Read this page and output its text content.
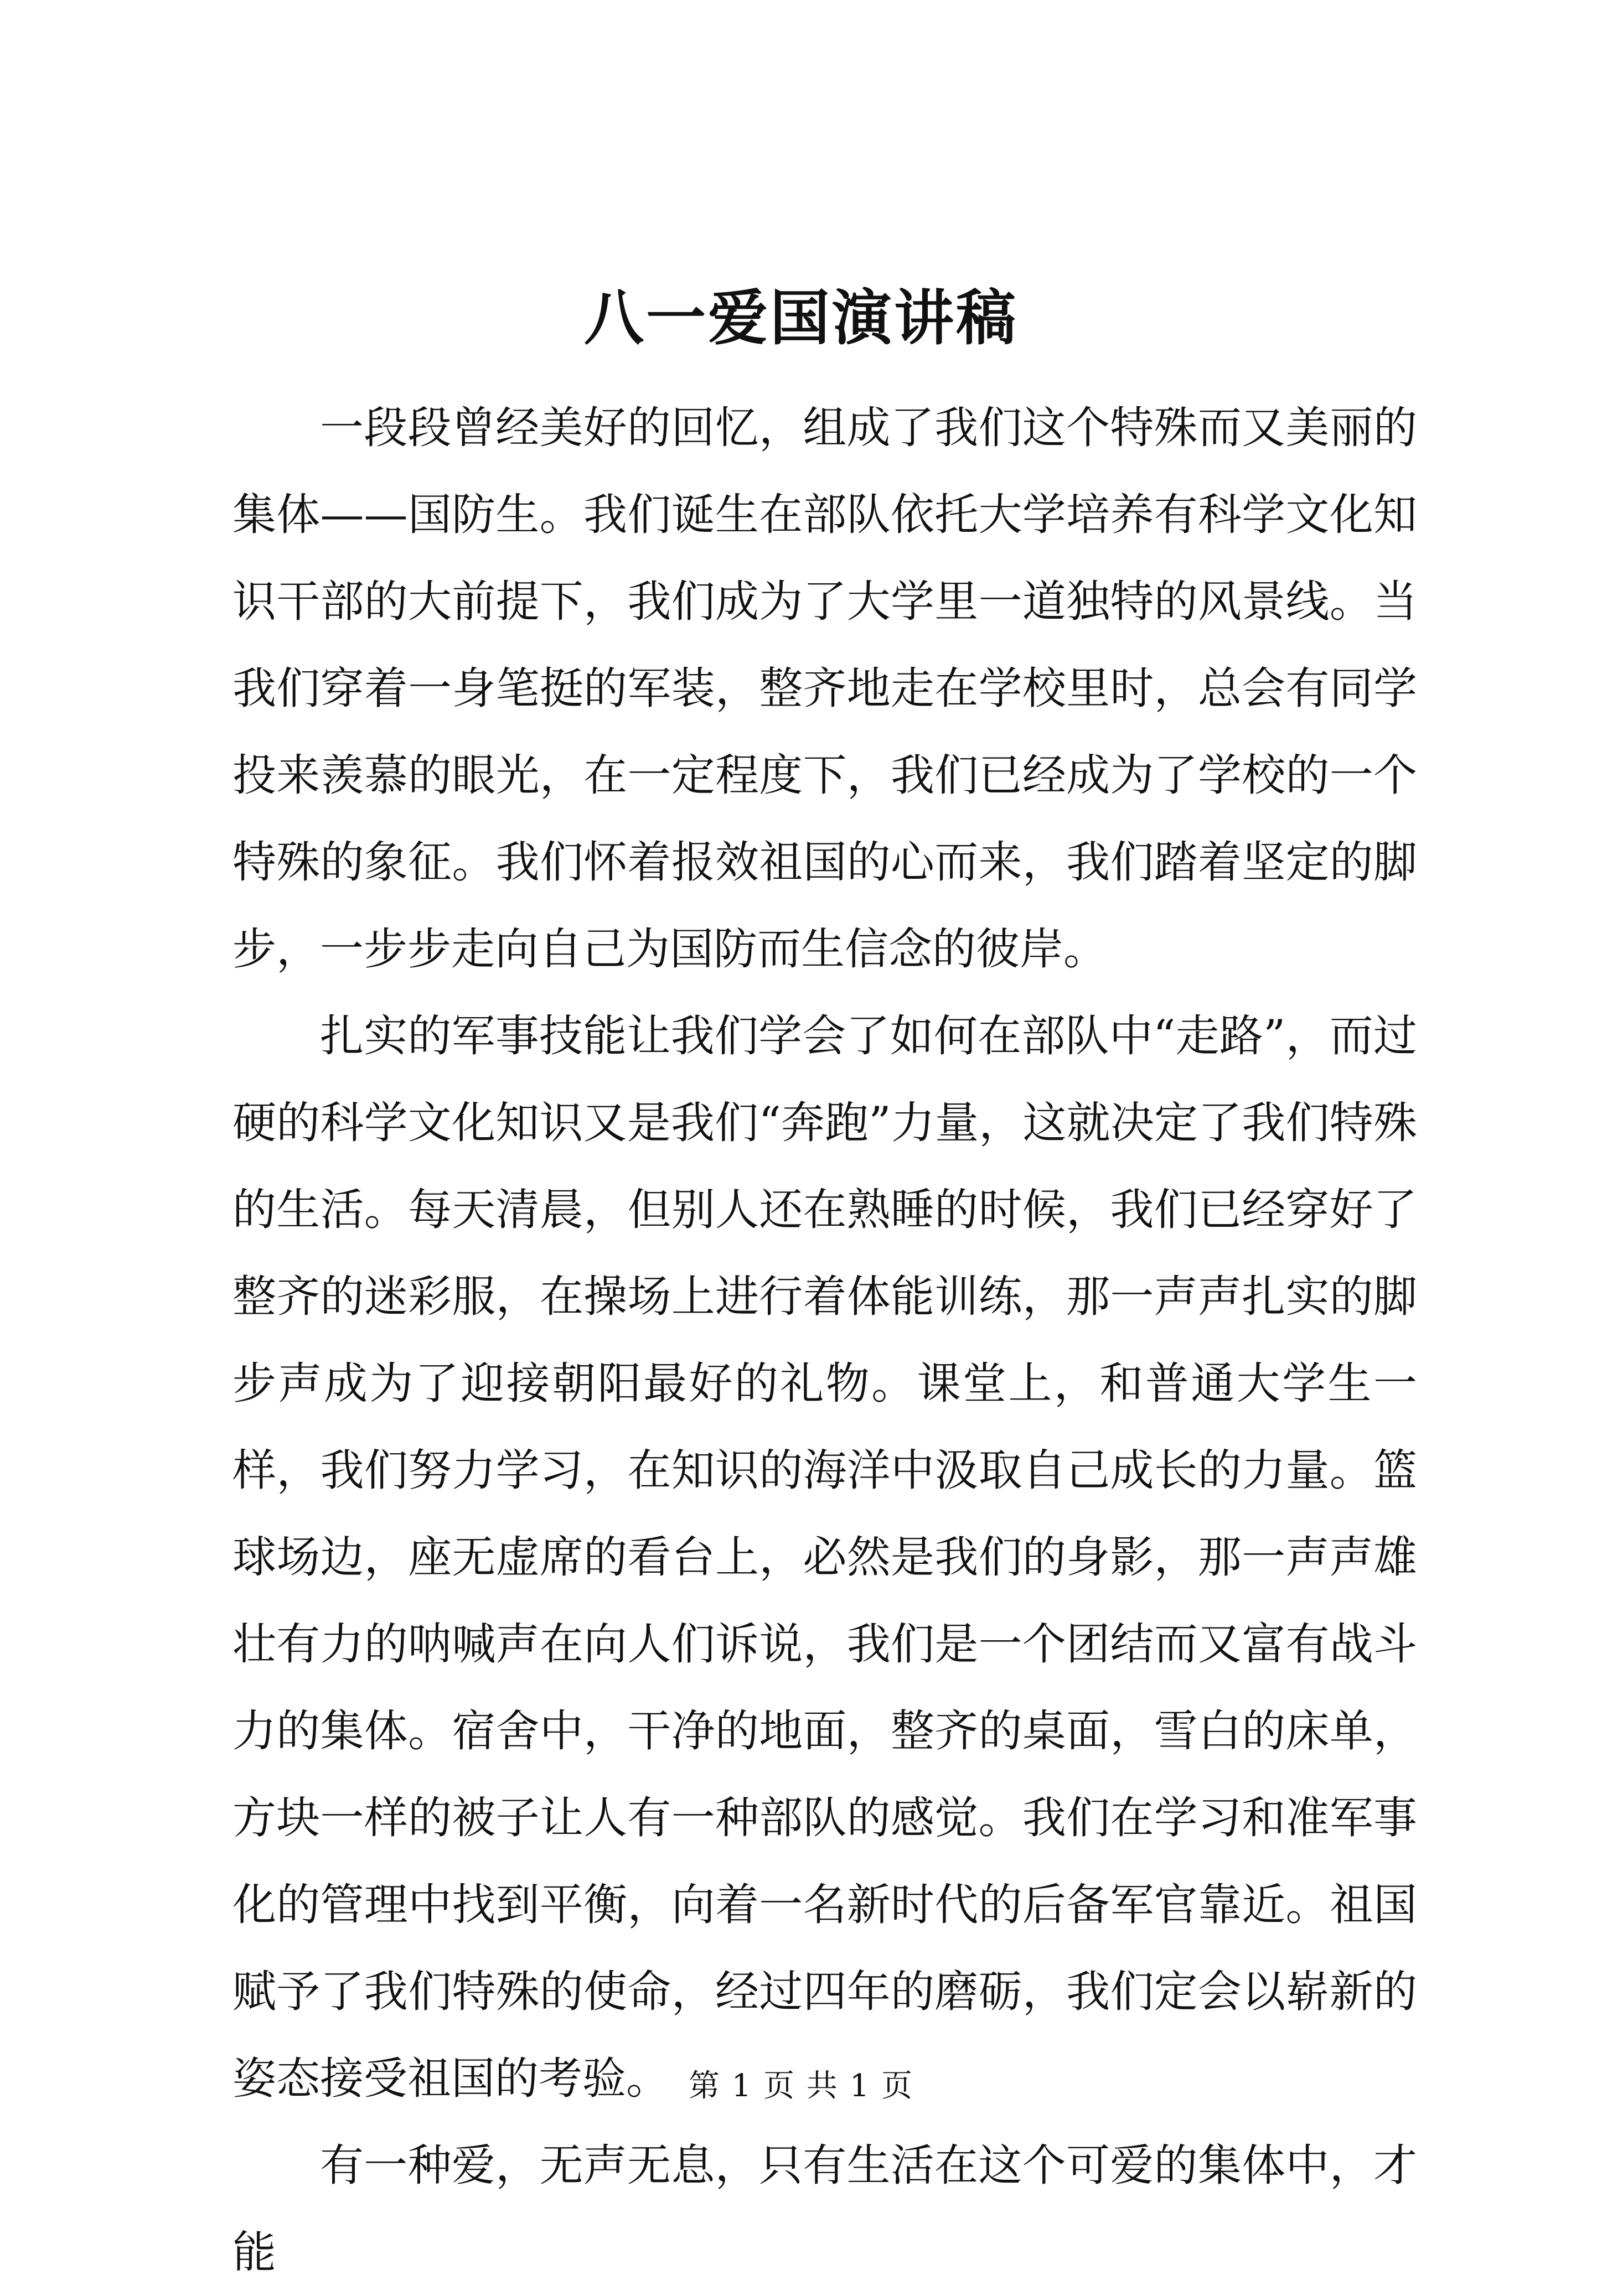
八一爱国演讲稿

一段段曾经美好的回忆，组成了我们这个特殊而又美丽的集体——国防生。我们诞生在部队依托大学培养有科学文化知识干部的大前提下，我们成为了大学里一道独特的风景线。当我们穿着一身笔挺的军装，整齐地走在学校里时，总会有同学投来羡慕的眼光，在一定程度下，我们已经成为了学校的一个特殊的象征。我们怀着报效祖国的心而来，我们踏着坚定的脚步，一步步走向自己为国防而生信念的彼岸。

扎实的军事技能让我们学会了如何在部队中“走路”，而过硬的科学文化知识又是我们“奔跑”力量，这就决定了我们特殊的生活。每天清晨，但别人还在熟睡的时候，我们已经穿好了整齐的迷彩服，在操场上进行着体能训练，那一声声扎实的脚步声成为了迎接朝阳最好的礼物。课堂上，和普通大学生一样，我们努力学习，在知识的海洋中汲取自己成长的力量。篮球场边，座无虚席的看台上，必然是我们的身影，那一声声雄壮有力的呐喊声在向人们诉说，我们是一个团结而又富有战斗力的集体。宿舍中，干净的地面，整齐的桌面，雪白的床单，方块一样的被子让人有一种部队的感觉。我们在学习和准军事化的管理中找到平衡，向着一名新时代的后备军官靠近。祖国赋予了我们特殊的使命，经过四年的磨砺，我们定会以崭新的姿态接受祖国的考验。

有一种爱，无声无息，只有生活在这个可爱的集体中，才能

第 1 页 共 1 页
